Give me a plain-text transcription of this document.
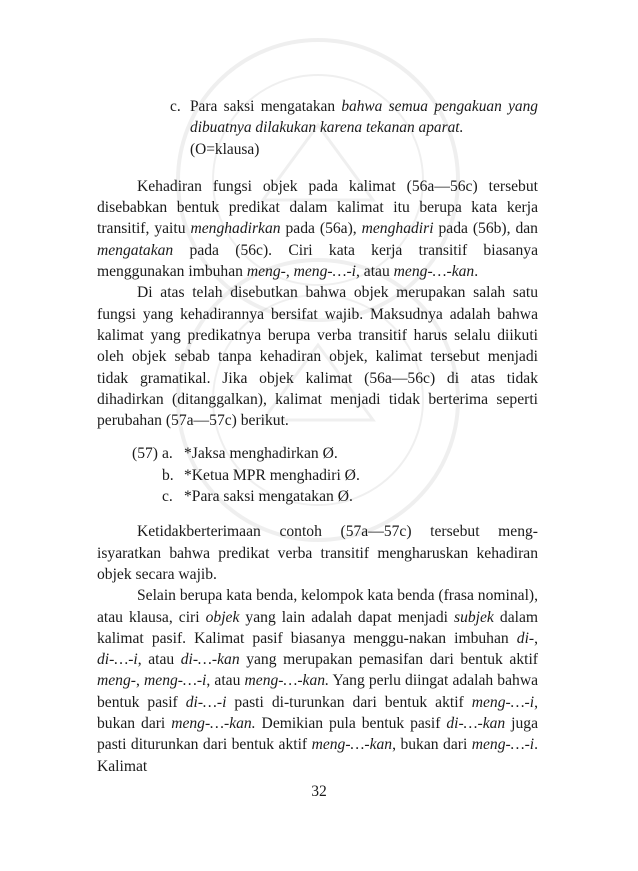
c. Para saksi mengatakan bahwa semua pengakuan yang dibuatnya dilakukan karena tekanan aparat.
(O=klausa)

Kehadiran fungsi objek pada kalimat (56a—56c) tersebut disebabkan bentuk predikat dalam kalimat itu berupa kata kerja transitif, yaitu menghadirkan pada (56a), menghadiri pada (56b), dan mengatakan pada (56c). Ciri kata kerja transitif biasanya menggunakan imbuhan meng-, meng-…-i, atau meng-…-kan.

Di atas telah disebutkan bahwa objek merupakan salah satu fungsi yang kehadirannya bersifat wajib. Maksudnya adalah bahwa kalimat yang predikatnya berupa verba transitif harus selalu diikuti oleh objek sebab tanpa kehadiran objek, kalimat tersebut menjadi tidak gramatikal. Jika objek kalimat (56a—56c) di atas tidak dihadirkan (ditanggalkan), kalimat menjadi tidak berterima seperti perubahan (57a—57c) berikut.

(57) a. *Jaksa menghadirkan Ø.
b. *Ketua MPR menghadiri Ø.
c. *Para saksi mengatakan Ø.

Ketidakberterimaan contoh (57a—57c) tersebut meng-isyaratkan bahwa predikat verba transitif mengharuskan kehadiran objek secara wajib.

Selain berupa kata benda, kelompok kata benda (frasa nominal), atau klausa, ciri objek yang lain adalah dapat menjadi subjek dalam kalimat pasif. Kalimat pasif biasanya menggu-nakan imbuhan di-, di-…-i, atau di-…-kan yang merupakan pemasifan dari bentuk aktif meng-, meng-…-i, atau meng-…-kan. Yang perlu diingat adalah bahwa bentuk pasif di-…-i pasti di-turunkan dari bentuk aktif meng-…-i, bukan dari meng-…-kan. Demikian pula bentuk pasif di-…-kan juga pasti diturunkan dari bentuk aktif meng-…-kan, bukan dari meng-…-i. Kalimat

32
